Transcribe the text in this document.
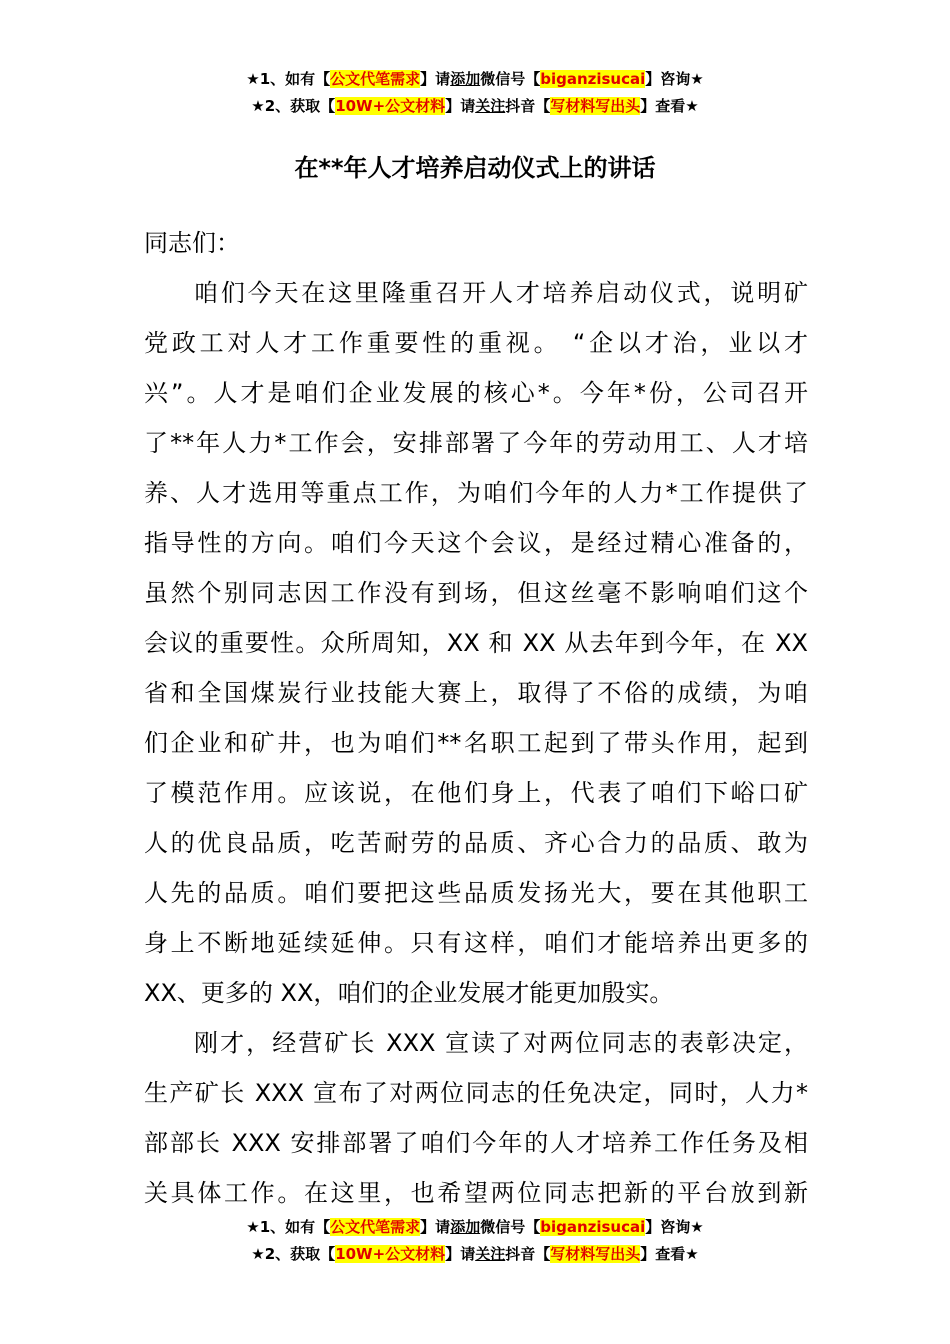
★1、如有【公文代笔需求】请添加微信号【biganzisucai】咨询★
★2、获取【10W+公文材料】请关注抖音【写材料写出头】查看★
在**年人才培养启动仪式上的讲话
同志们：
咱们今天在这里隆重召开人才培养启动仪式，说明矿
党政工对人才工作重要性的重视。 “企以才治，业以才
兴”。人才是咱们企业发展的核心*。今年*份，公司召开
了**年人力*工作会，安排部署了今年的劳动用工、人才培
养、人才选用等重点工作，为咱们今年的人力*工作提供了
指导性的方向。咱们今天这个会议，是经过精心准备的，
虽然个别同志因工作没有到场，但这丝毫不影响咱们这个
会议的重要性。众所周知，XX 和 XX 从去年到今年，在 XX
省和全国煤炭行业技能大赛上，取得了不俗的成绩，为咱
们企业和矿井，也为咱们**名职工起到了带头作用，起到
了模范作用。应该说，在他们身上，代表了咱们下峪口矿
人的优良品质，吃苦耐劳的品质、齐心合力的品质、敢为
人先的品质。咱们要把这些品质发扬光大，要在其他职工
身上不断地延续延伸。只有这样，咱们才能培养出更多的
XX、更多的 XX，咱们的企业发展才能更加殷实。
刚才，经营矿长 XXX 宣读了对两位同志的表彰决定，
生产矿长 XXX 宣布了对两位同志的任免决定，同时，人力*
部部长 XXX 安排部署了咱们今年的人才培养工作任务及相
关具体工作。在这里，也希望两位同志把新的平台放到新
★1、如有【公文代笔需求】请添加微信号【biganzisucai】咨询★
★2、获取【10W+公文材料】请关注抖音【写材料写出头】查看★
